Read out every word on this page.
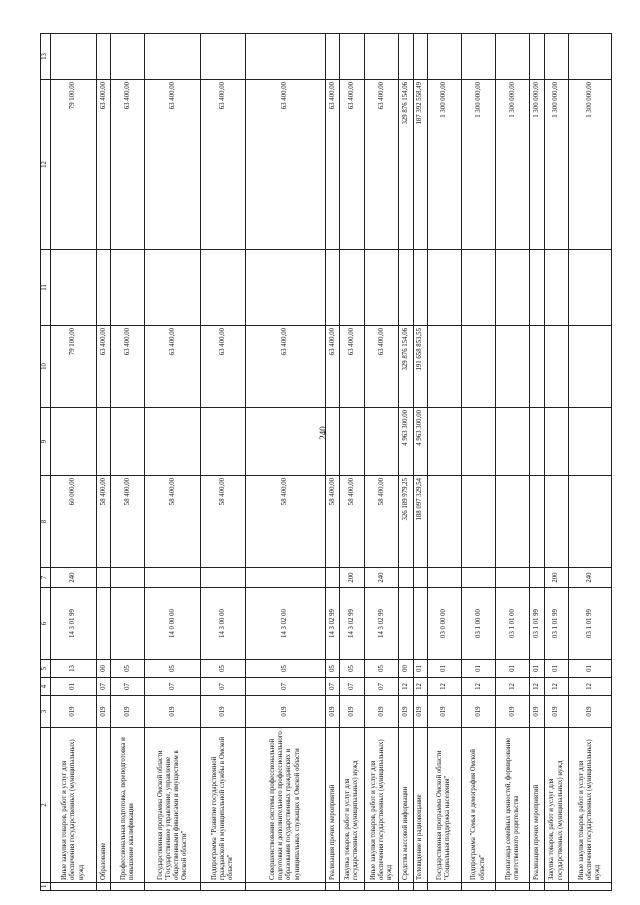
240
1	2	3	4	5	6	7	8	9	10	11	12	13
	Иные закупки товаров, работ и услуг для обеспечения государственных (муниципальных) нужд	019	01	13	14 3 01 99	240	60 000,00		79 100,00		79 100,00	
	Образование	019	07	00			58 400,00		63 400,00		63 400,00	
	Профессиональная подготовка, переподготовка и повышение квалификации	019	07	05			58 400,00		63 400,00		63 400,00	
	Государственная программа Омской области "Государственное управление, управление общественными финансами и имуществом в Омской области"	019	07	05	14 0 00 00		58 400,00		63 400,00		63 400,00	
	Подпрограмма "Развитие государственной гражданской и муниципальной службы в Омской области"	019	07	05	14 3 00 00		58 400,00		63 400,00		63 400,00	
	Совершенствование системы профессиональной подготовки и дополнительного профессионального образования государственных гражданских и муниципальных служащих в Омской области	019	07	05	14 3 02 00		58 400,00		63 400,00		63 400,00	
	Реализация прочих мероприятий	019	07	05	14 3 02 99		58 400,00		63 400,00		63 400,00	
	Закупка товаров, работ и услуг для государственных (муниципальных) нужд	019	07	05	14 3 02 99	200	58 400,00		63 400,00		63 400,00	
	Иные закупки товаров, работ и услуг для обеспечения государственных (муниципальных) нужд	019	07	05	14 3 02 99	240	58 400,00		63 400,00		63 400,00	
	Средства массовой информации	019	12	00			326 189 979,25	4 963 300,00	329 876 154,06		329 876 154,06	
	Телевидение и радиовещание	019	12	01			188 097 329,54	4 963 300,00	191 658 853,55		187 392 558,49	
	Государственная программа Омской области "Социальная поддержка населения"	019	12	01	03 0 00 00						1 300 000,00	
	Подпрограмма "Семья и демография Омской области"	019	12	01	03 1 00 00						1 300 000,00	
	Пропаганда семейных ценностей, формирование ответственного родительства	019	12	01	03 1 01 00						1 300 000,00	
	Реализация прочих мероприятий	019	12	01	03 1 01 99						1 300 000,00	
	Закупка товаров, работ и услуг для государственных (муниципальных) нужд	019	12	01	03 1 01 99	200					1 300 000,00	
	Иные закупки товаров, работ и услуг для обеспечения государственных (муниципальных) нужд	019	12	01	03 1 01 99	240					1 300 000,00	
